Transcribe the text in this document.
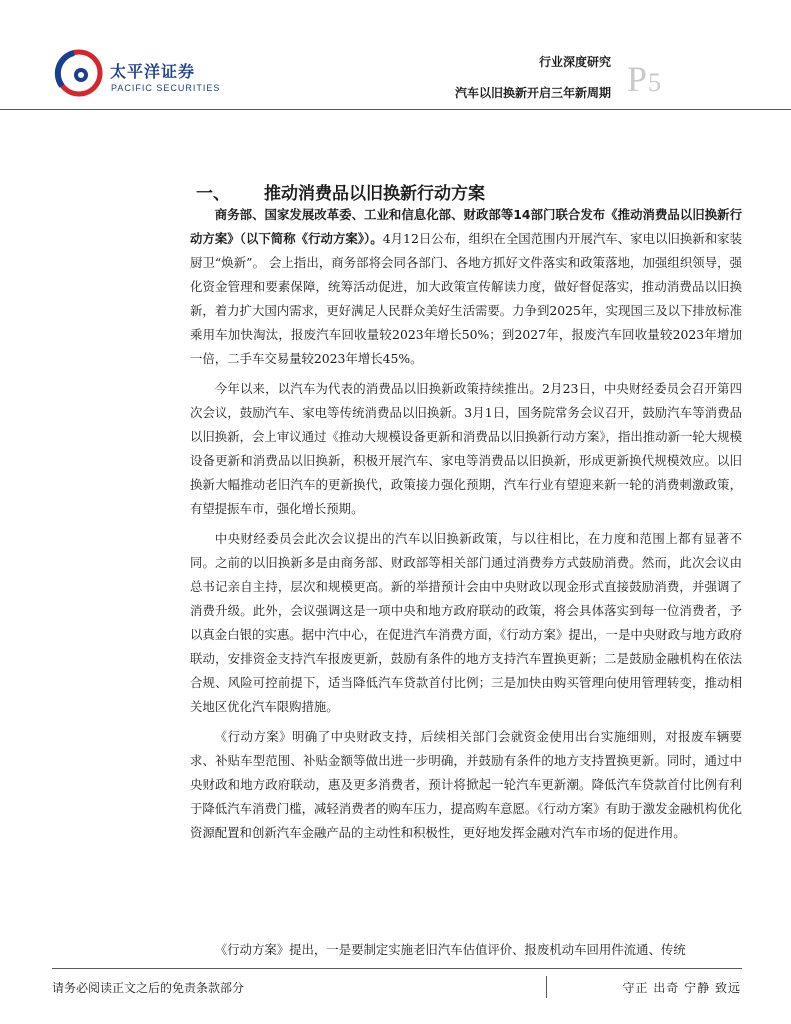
太平洋证券
PACIFIC SECURITIES
行业深度研究
汽车以旧换新开启三年新周期 P5
一、 推动消费品以旧换新行动方案

商务部、国家发展改革委、工业和信息化部、财政部等14部门联合发布《推动消费品以旧换新行动方案》（以下简称《行动方案》）。4月12日公布，组织在全国范围内开展汽车、家电以旧换新和家装厨卫“焕新”。 会上指出，商务部将会同各部门、各地方抓好文件落实和政策落地，加强组织领导，强化资金管理和要素保障，统筹活动促进，加大政策宣传解读力度，做好督促落实，推动消费品以旧换新，着力扩大国内需求，更好满足人民群众美好生活需要。力争到2025年，实现国三及以下排放标准乘用车加快淘汰，报废汽车回收量较2023年增长50%；到2027年，报废汽车回收量较2023年增加一倍，二手车交易量较2023年增长45%。

今年以来，以汽车为代表的消费品以旧换新政策持续推出。2月23日，中央财经委员会召开第四次会议，鼓励汽车、家电等传统消费品以旧换新。3月1日，国务院常务会议召开，鼓励汽车等消费品以旧换新，会上审议通过《推动大规模设备更新和消费品以旧换新行动方案》，指出推动新一轮大规模设备更新和消费品以旧换新，积极开展汽车、家电等消费品以旧换新，形成更新换代规模效应。以旧换新大幅推动老旧汽车的更新换代，政策接力强化预期，汽车行业有望迎来新一轮的消费刺激政策，有望提振车市，强化增长预期。

中央财经委员会此次会议提出的汽车以旧换新政策，与以往相比，在力度和范围上都有显著不同。之前的以旧换新多是由商务部、财政部等相关部门通过消费券方式鼓励消费。然而，此次会议由总书记亲自主持，层次和规模更高。新的举措预计会由中央财政以现金形式直接鼓励消费，并强调了消费升级。此外，会议强调这是一项中央和地方政府联动的政策，将会具体落实到每一位消费者，予以真金白银的实惠。据中汽中心，在促进汽车消费方面，《行动方案》提出，一是中央财政与地方政府联动，安排资金支持汽车报废更新，鼓励有条件的地方支持汽车置换更新；二是鼓励金融机构在依法合规、风险可控前提下，适当降低汽车贷款首付比例；三是加快由购买管理向使用管理转变，推动相关地区优化汽车限购措施。

《行动方案》明确了中央财政支持，后续相关部门会就资金使用出台实施细则，对报废车辆要求、补贴车型范围、补贴金额等做出进一步明确，并鼓励有条件的地方支持置换更新。同时，通过中央财政和地方政府联动，惠及更多消费者，预计将掀起一轮汽车更新潮。降低汽车贷款首付比例有利于降低汽车消费门槛，减轻消费者的购车压力，提高购车意愿。《行动方案》有助于激发金融机构优化资源配置和创新汽车金融产品的主动性和积极性，更好地发挥金融对汽车市场的促进作用。

《行动方案》提出，一是要制定实施老旧汽车估值评价、报废机动车回用件流通、传统
请务必阅读正文之后的免责条款部分	守正 出奇 宁静 致远
